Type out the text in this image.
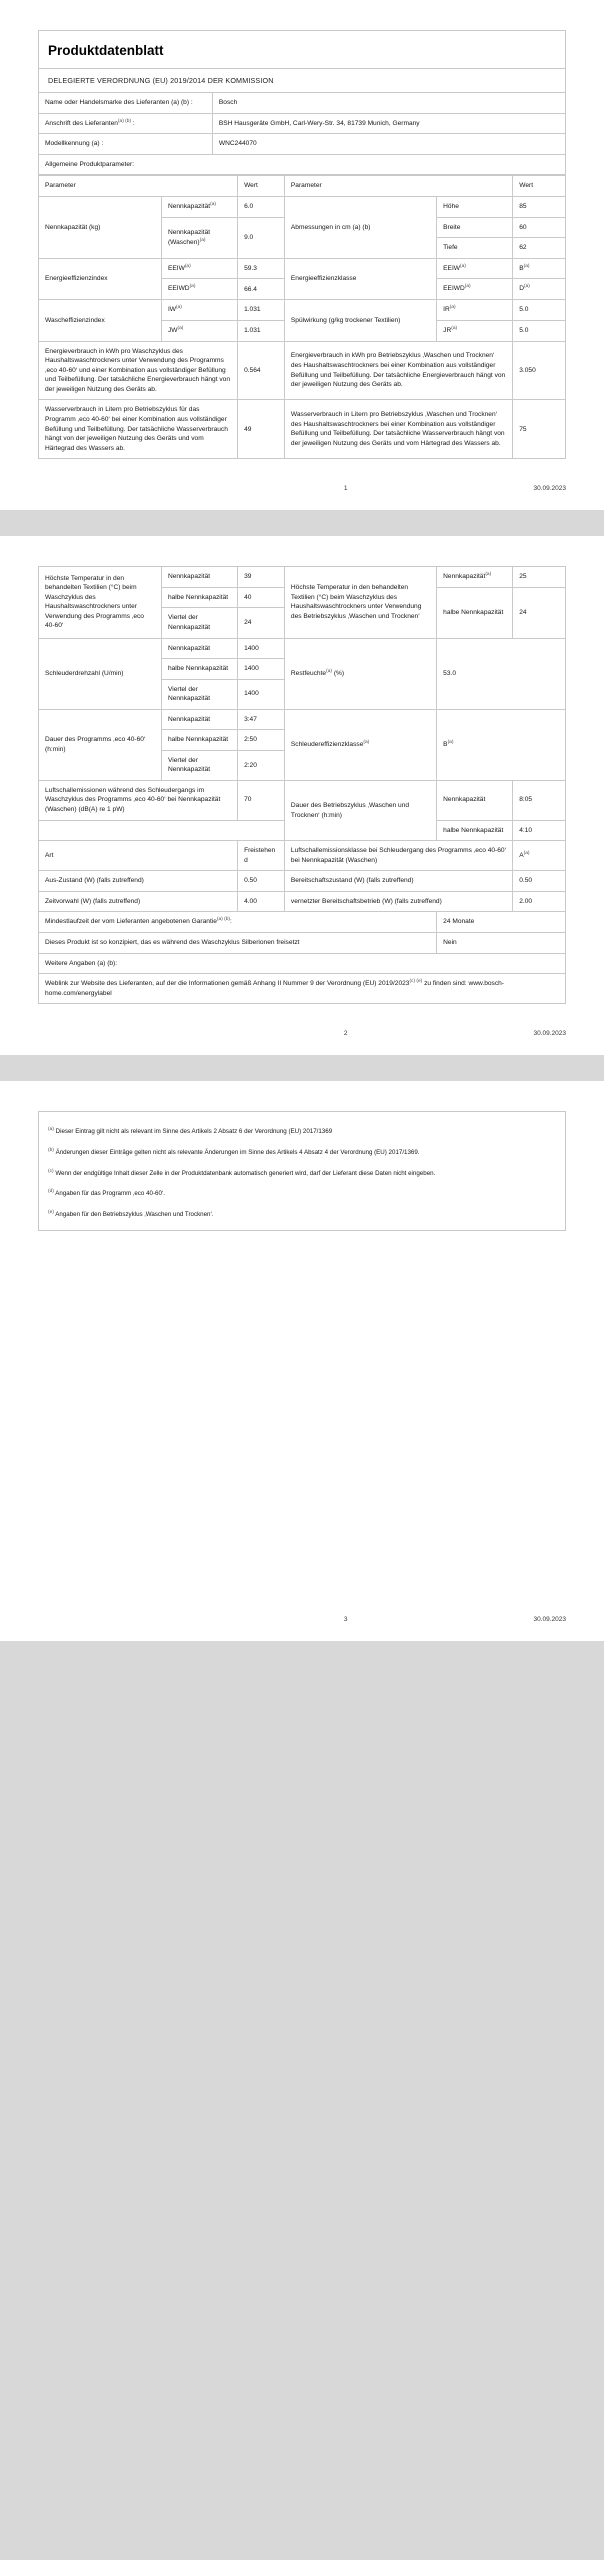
Produktdatenblatt
DELEGIERTE VERORDNUNG (EU) 2019/2014 DER KOMMISSION
Name oder Handelsmarke des Lieferanten (a) (b) :	Bosch
Anschrift des Lieferanten$^{(a) (b)}$ :	BSH Hausgeräte GmbH, Carl-Wery-Str. 34, 81739 Munich, Germany
Modellkennung (a) :	WNC244070
Allgemeine Produktparameter:	
Parameter		Wert	Parameter		Wert
Nennkapazität (kg)	Nennkapazität$^{(a)}$	6.0	Abmessungen in cm (a) (b)	Höhe	85
	Nennkapazität (Waschen)$^{(a)}$	9.0		Breite	60
				Tiefe	62
Energieeffizienzindex	EEIW$^{(a)}$	59.3	Energieeffizienzklasse	EEIW$^{(a)}$	$B^{(a)}$
	EEIWD$^{(a)}$	66.4		EEIWD$^{(a)}$	$D^{(a)}$
Wascheffizienzindex	IW$^{(a)}$	1.031	Spülwirkung (g/kg trockener Textilien)	IR$^{(a)}$	5.0
	JW$^{(a)}$	1.031		JR$^{(a)}$	5.0
Energieverbrauch in kWh pro Waschzyklus des Haushaltswaschtrockners unter Verwendung des Programms ‚eco 40-60‘ und einer Kombination aus vollständiger Befüllung und Teilbefüllung. Der tatsächliche Energieverbrauch hängt von der jeweiligen Nutzung des Geräts ab.	0.564	Energieverbrauch in kWh pro Betriebszyklus ‚Waschen und Trocknen‘ des Haushaltswaschtrockners bei einer Kombination aus vollständiger Befüllung und Teilbefüllung. Der tatsächliche Energieverbrauch hängt von der jeweiligen Nutzung des Geräts ab.	3.050
Wasserverbrauch in Litern pro Betriebszyklus für das Programm ‚eco 40-60‘ bei einer Kombination aus vollständiger Befüllung und Teilbefüllung. Der tatsächliche Wasserverbrauch hängt von der jeweiligen Nutzung des Geräts und vom Härtegrad des Wassers ab.	49	Wasserverbrauch in Litern pro Betriebszyklus ‚Waschen und Trocknen‘ des Haushaltswaschtrockners bei einer Kombination aus vollständiger Befüllung und Teilbefüllung. Der tatsächliche Wasserverbrauch hängt von der jeweiligen Nutzung des Geräts und vom Härtegrad des Wassers ab.	75
1	30.09.2023
Höchste Temperatur in den behandelten Textilien (°C) beim Waschzyklus des Haushaltswaschtrockners unter Verwendung des Programms ‚eco 40-60‘	Nennkapazität	39	Höchste Temperatur in den behandelten Textilien (°C) beim Waschzyklus des Haushaltswaschtrockners unter Verwendung des Betriebszyklus ‚Waschen und Trocknen‘	Nennkapazität$^{(a)}$	25
	halbe Nennkapazität	40		halbe Nennkapazität	24
	Viertel der Nennkapazität	24			
Schleuderdrehzahl (U/min)	Nennkapazität	1400	Restfeuchte$^{(a)}$ (%)	53.0	
	halbe Nennkapazität	1400			
	Viertel der Nennkapazität	1400			
Dauer des Programms ‚eco 40-60‘ (h:min)	Nennkapazität	3:47	Schleudereffizienzklasse$^{(a)}$	$B^{(a)}$
	halbe Nennkapazität	2:50			
	Viertel der Nennkapazität	2:20			
Luftschallemissionen während des Schleudergangs im Waschzyklus des Programms ‚eco 40-60‘ bei Nennkapazität (Waschen) (dB(A) re 1 pW)		70	Dauer des Betriebszyklus ‚Waschen und Trocknen‘ (h:min)	Nennkapazität	8:05
				halbe Nennkapazität	4:10
Art		Freistehend	Luftschallemissionsklasse bei Schleudergang des Programms ‚eco 40-60‘ bei Nennkapazität (Waschen)		$A^{(a)}$
Aus-Zustand (W) (falls zutreffend)		0.50	Bereitschaftszustand (W) (falls zutreffend)		0.50
Zeitvorwahl (W) (falls zutreffend)		4.00	vernetzter Bereitschaftsbetrieb (W) (falls zutreffend)		2.00
Mindestlaufzeit der vom Lieferanten angebotenen Garantie$^{(a) (b)}$:				24 Monate	
Dieses Produkt ist so konzipiert, das es während des Waschzyklus Silberionen freisetzt				Nein	
Weitere Angaben (a) (b):					
Weblink zur Website des Lieferanten, auf der die Informationen gemäß Anhang II Nummer 9 der Verordnung (EU) $2019/2023^{(c) (e)}$ zu finden sind: www.bosch-home.com/energylabel					
2	30.09.2023

$^{(a)}$ Dieser Eintrag gilt nicht als relevant im Sinne des Artikels 2 Absatz 6 der Verordnung (EU) 2017/1369

$^{(b)}$ Änderungen dieser Einträge gelten nicht als relevante Änderungen im Sinne des Artikels 4 Absatz 4 der Verordnung (EU) 2017/1369.

$^{(c)}$ Wenn der endgültige Inhalt dieser Zelle in der Produktdatenbank automatisch generiert wird, darf der Lieferant diese Daten nicht eingeben.

$^{(d)}$ Angaben für das Programm ‚eco 40-60‘.

$^{(e)}$ Angaben für den Betriebszyklus ‚Waschen und Trocknen‘.

3	30.09.2023
